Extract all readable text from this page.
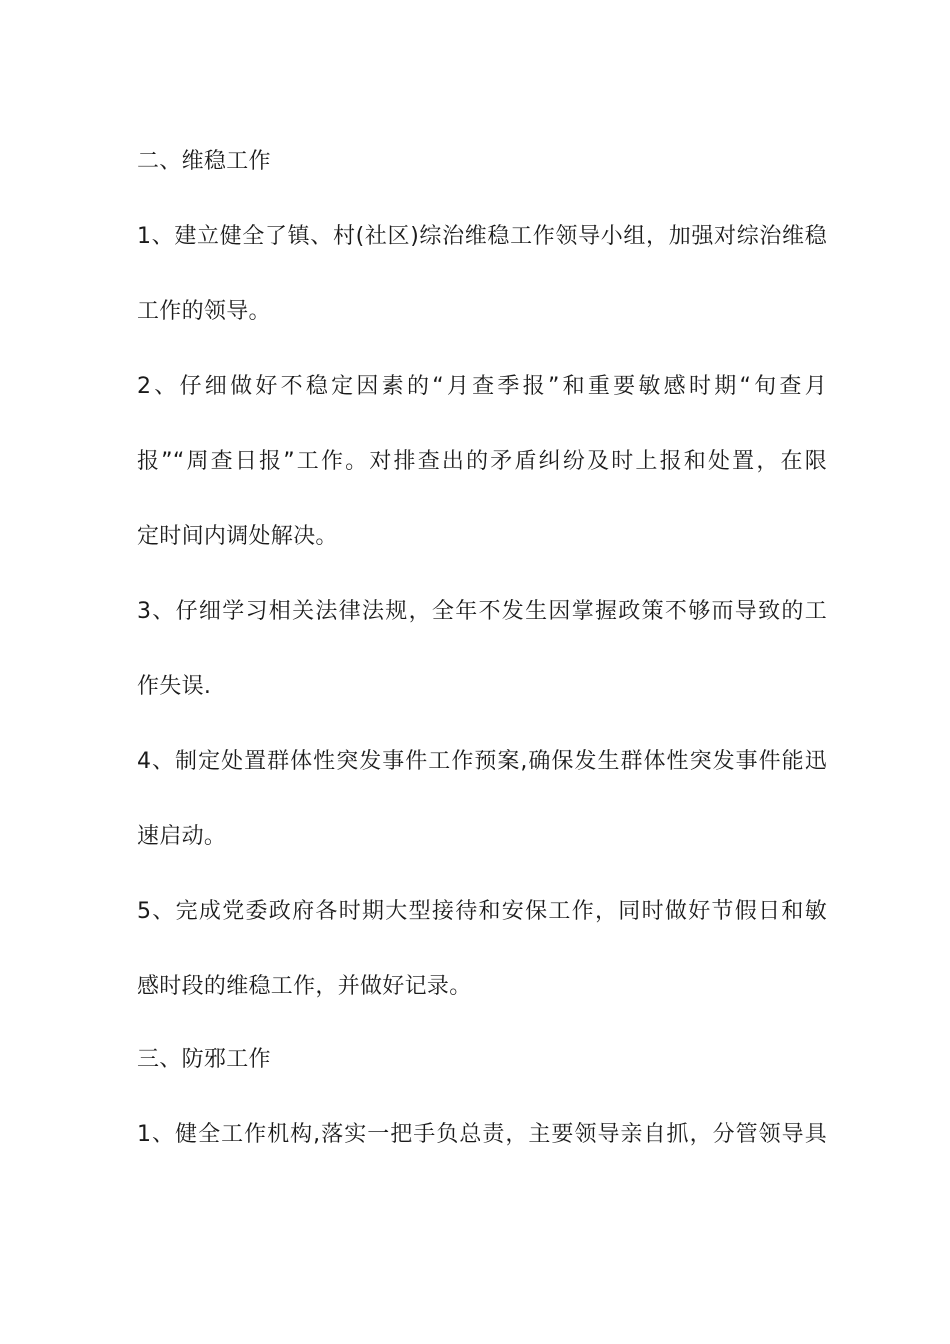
二、维稳工作
1、建立健全了镇、村(社区)综治维稳工作领导小组，加强对综治维稳
工作的领导。
2、仔细做好不稳定因素的“月查季报”和重要敏感时期“旬查月
报”“周查日报”工作。对排查出的矛盾纠纷及时上报和处置，在限
定时间内调处解决。
3、仔细学习相关法律法规，全年不发生因掌握政策不够而导致的工
作失误.
4、制定处置群体性突发事件工作预案,确保发生群体性突发事件能迅
速启动。
5、完成党委政府各时期大型接待和安保工作，同时做好节假日和敏
感时段的维稳工作，并做好记录。
三、防邪工作
1、健全工作机构,落实一把手负总责，主要领导亲自抓，分管领导具
